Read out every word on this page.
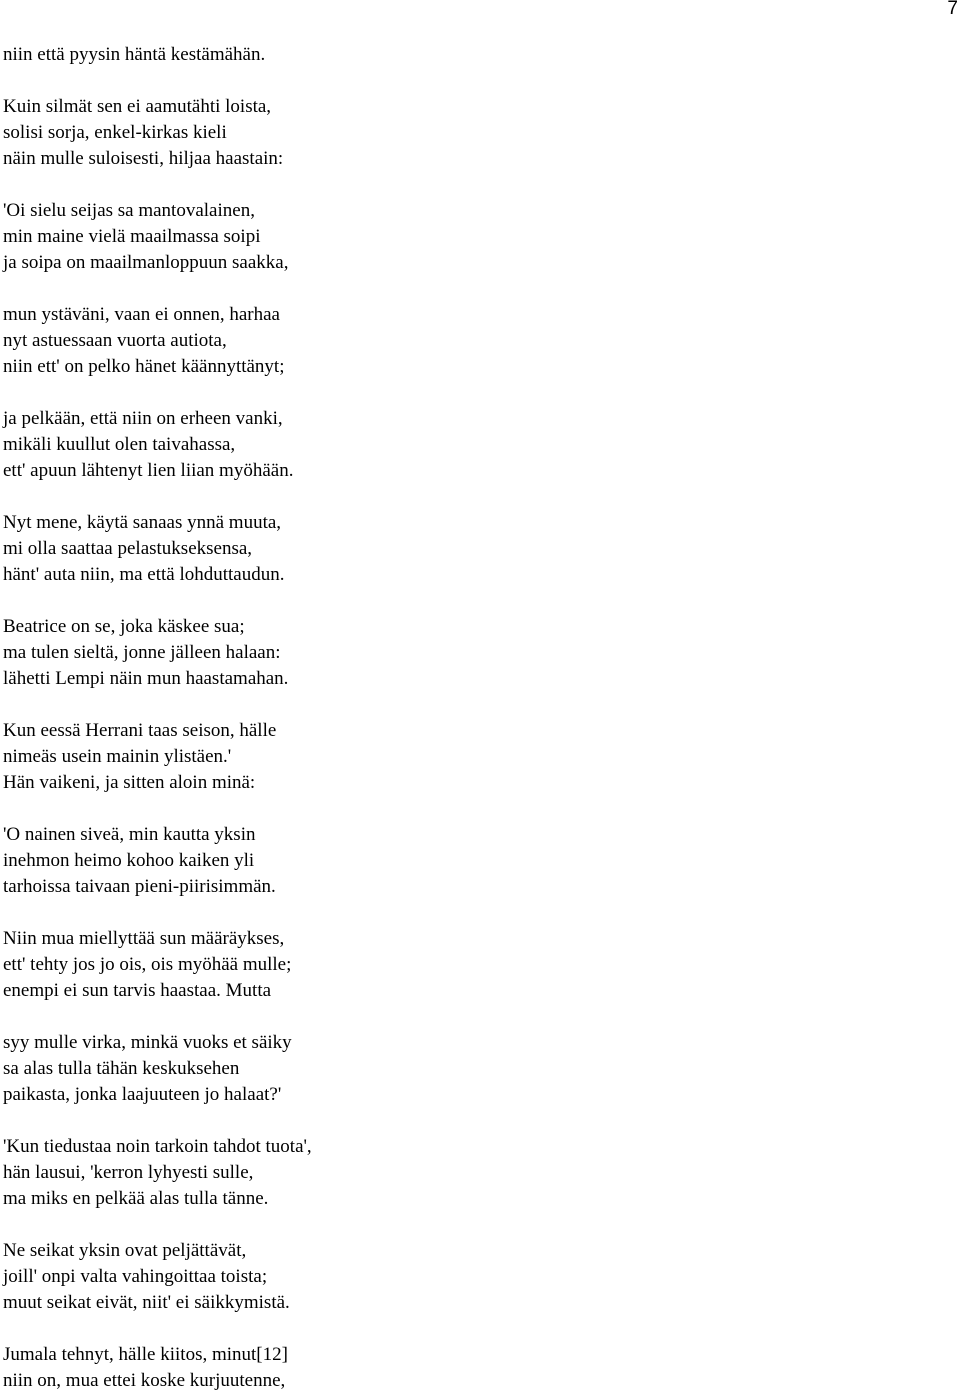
7
niin että pyysin häntä kestämähän.
Kuin silmät sen ei aamutähti loista,
solisi sorja, enkel-kirkas kieli
näin mulle suloisesti, hiljaa haastain:
'Oi sielu seijas sa mantovalainen,
min maine vielä maailmassa soipi
ja soipa on maailmanloppuun saakka,
mun ystäväni, vaan ei onnen, harhaa
nyt astuessaan vuorta autiota,
niin ett' on pelko hänet käännyttänyt;
ja pelkään, että niin on erheen vanki,
mikäli kuullut olen taivahassa,
ett' apuun lähtenyt lien liian myöhään.
Nyt mene, käytä sanaas ynnä muuta,
mi olla saattaa pelastukseksensa,
hänt' auta niin, ma että lohduttaudun.
Beatrice on se, joka käskee sua;
ma tulen sieltä, jonne jälleen halaan:
lähetti Lempi näin mun haastamahan.
Kun eessä Herrani taas seison, hälle
nimeäs usein mainin ylistäen.'
Hän vaikeni, ja sitten aloin minä:
'O nainen siveä, min kautta yksin
inehmon heimo kohoo kaiken yli
tarhoissa taivaan pieni-piirisimmän.
Niin mua miellyttää sun määräykses,
ett' tehty jos jo ois, ois myöhää mulle;
enempi ei sun tarvis haastaa. Mutta
syy mulle virka, minkä vuoks et säiky
sa alas tulla tähän keskuksehen
paikasta, jonka laajuuteen jo halaat?'
'Kun tiedustaa noin tarkoin tahdot tuota',
hän lausui, 'kerron lyhyesti sulle,
ma miks en pelkää alas tulla tänne.
Ne seikat yksin ovat peljättävät,
joill' onpi valta vahingoittaa toista;
muut seikat eivät, niit' ei säikkymistä.
Jumala tehnyt, hälle kiitos, minut[12]
niin on, mua ettei koske kurjuutenne,
